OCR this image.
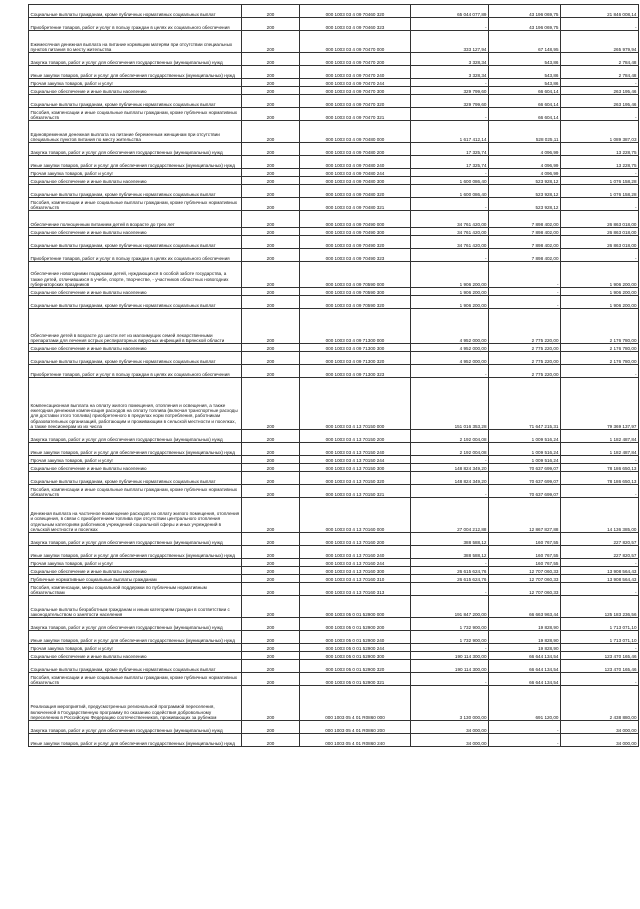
Социальные выплаты гражданам, кроме публичных нормативных социальных выплат	200	000 1003 03 4 09 70460 320	65 044 077,89	43 196 069,75	21 846 008,14
Приобретение товаров, работ и услуг в пользу граждан в целях их социального обеспечения	200	000 1003 03 4 09 70460 323	-	43 196 069,75	-
Ежемесячная денежная выплата на питание кормящим матерям при отсутствии специальных пунктов питания по месту жительства	200	000 1003 03 4 09 70470 000	333 127,94	67 148,95	265 979,94
Закупка товаров, работ и услуг для обеспечения государственных (муниципальных) нужд	200	000 1003 03 4 09 70470 200	3 328,34	543,86	2 784,48
Иные закупки товаров, работ и услуг для обеспечения государственных (муниципальных) нужд	200	000 1003 03 4 09 70470 240	3 328,34	543,86	2 784,48
Прочая закупка товаров, работ и услуг	200	000 1003 03 4 09 70470 244	-	543,86	-
Социальное обеспечение и иные выплаты населению	200	000 1003 03 4 09 70470 300	329 799,60	66 604,14	263 195,46
Социальные выплаты гражданам, кроме публичных нормативных социальных выплат	200	000 1003 03 4 09 70470 320	329 799,60	66 604,14	263 195,46
Пособия, компенсации и иные социальные выплаты гражданам, кроме публичных нормативных обязательств	200	000 1003 03 4 09 70470 321	-	66 604,14	-
Единовременная денежная выплата на питание беременным женщинам при отсутствии специальных пунктов питания по месту жительства	200	000 1003 03 4 09 70480 000	1 617 412,14	528 025,11	1 089 387,03
Закупка товаров, работ и услуг для обеспечения государственных (муниципальных) нужд	200	000 1003 03 4 09 70480 200	17 325,74	4 096,99	13 228,75
Иные закупки товаров, работ и услуг для обеспечения государственных (муниципальных) нужд	200	000 1003 03 4 09 70480 240	17 325,74	4 096,99	13 228,75
Прочая закупка товаров, работ и услуг	200	000 1003 03 4 09 70480 244	-	4 096,99	-
Социальное обеспечение и иные выплаты населению	200	000 1003 03 4 09 70480 300	1 600 086,40	523 928,12	1 076 158,28
Социальные выплаты гражданам, кроме публичных нормативных социальных выплат	200	000 1003 03 4 09 70480 320	1 600 086,40	523 928,12	1 076 158,28
Пособия, компенсации и иные социальные выплаты гражданам, кроме публичных нормативных обязательств	200	000 1003 03 4 09 70480 321	-	523 928,12	-
Обеспечение полноценным питанием детей в возрасте до трех лет	200	000 1003 03 4 09 70490 000	34 761 420,00	7 898 402,00	26 863 018,00
Социальное обеспечение и иные выплаты населению	200	000 1003 03 4 09 70490 300	34 761 420,00	7 898 402,00	26 863 018,00
Социальные выплаты гражданам, кроме публичных нормативных социальных выплат	200	000 1003 03 4 09 70490 320	34 761 420,00	7 898 402,00	26 863 018,00
Приобретение товаров, работ и услуг в пользу граждан в целях их социального обеспечения	200	000 1003 03 4 09 70490 323	-	7 898 402,00	-
Обеспечение новогодними подарками детей, нуждающихся в особой заботе государства, а также детей, отличившихся в учебе, спорте, творчестве, - участников областных новогодних губернаторских праздников	200	000 1003 03 4 09 70590 000	1 906 200,00	-	1 906 200,00
Социальное обеспечение и иные выплаты населению	200	000 1003 03 4 09 70590 300	1 906 200,00	-	1 906 200,00
Социальные выплаты гражданам, кроме публичных нормативных социальных выплат	200	000 1003 03 4 09 70590 320	1 906 200,00	-	1 906 200,00
Обеспечение детей в возрасте до шести лет из малоимущих семей лекарственными препаратами для лечения острых респираторных вирусных инфекций в Брянской области	200	000 1003 03 4 09 71300 000	4 952 000,00	2 775 220,00	2 176 780,00
Социальное обеспечение и иные выплаты населению	200	000 1003 03 4 09 71300 300	4 952 000,00	2 775 220,00	2 176 780,00
Социальные выплаты гражданам, кроме публичных нормативных социальных выплат	200	000 1003 03 4 09 71300 320	4 952 000,00	2 775 220,00	2 176 780,00
Приобретение товаров, работ и услуг в пользу граждан в целях их социального обеспечения	200	000 1003 03 4 09 71300 323	-	2 775 220,00	-
Компенсационная выплата на оплату жилого помещения, отопления и освещения, а также ежегодная денежная компенсация расходов на оплату топлива (включая транспортные расходы для доставки этого топлива) приобретенного в пределах норм потребления, работникам образовательных организаций, работающим и проживающим в сельской местности и поселках, а также пенсионерам из их числа	200	000 1003 03 4 13 70150 000	151 016 353,28	71 647 215,31	79 369 137,97
Закупка товаров, работ и услуг для обеспечения государственных (муниципальных) нужд	200	000 1003 03 4 13 70150 200	2 192 004,08	1 009 516,24	1 182 487,84
Иные закупки товаров, работ и услуг для обеспечения государственных (муниципальных) нужд	200	000 1003 03 4 13 70150 240	2 192 004,08	1 009 516,24	1 182 487,84
Прочая закупка товаров, работ и услуг	200	000 1003 03 4 13 70150 244	-	1 009 516,24	-
Социальное обеспечение и иные выплаты населению	200	000 1003 03 4 13 70150 300	148 824 349,20	70 637 699,07	78 186 650,13
Социальные выплаты гражданам, кроме публичных нормативных социальных выплат	200	000 1003 03 4 13 70150 320	148 824 349,20	70 637 699,07	78 186 650,13
Пособия, компенсации и иные социальные выплаты гражданам, кроме публичных нормативных обязательств	200	000 1003 03 4 13 70150 321	-	70 637 699,07	-
Денежная выплата на частичное возмещение расходов на оплату жилого помещения, отопления и освещения, в связи с приобретением топлива при отсутствии центрального отопления отдельным категориям работников учреждений социальной сферы и иных учреждений в сельской местности и поселках	200	000 1003 03 4 13 70160 000	27 004 212,88	12 867 827,88	14 136 385,00
Закупка товаров, работ и услуг для обеспечения государственных (муниципальных) нужд	200	000 1003 03 4 13 70160 200	388 588,12	160 767,55	227 820,57
Иные закупки товаров, работ и услуг для обеспечения государственных (муниципальных) нужд	200	000 1003 03 4 13 70160 240	388 588,12	160 767,55	227 820,57
Прочая закупка товаров, работ и услуг	200	000 1003 03 4 13 70160 244	-	160 767,55	-
Социальное обеспечение и иные выплаты населению	200	000 1003 03 4 13 70160 300	26 615 624,76	12 707 060,33	13 908 564,43
Публичные нормативные социальные выплаты гражданам	200	000 1003 03 4 13 70160 310	26 615 624,76	12 707 060,33	13 908 564,43
Пособия, компенсации, меры социальной поддержки по публичным нормативным обязательствам	200	000 1003 03 4 13 70160 313	-	12 707 060,33	-
Социальные выплаты безработным гражданам и иным категориям граждан в соответствии с законодательством о занятости населения	200	000 1003 05 0 01 52900 000	191 847 200,00	66 663 963,44	125 183 236,56
Закупка товаров, работ и услуг для обеспечения государственных (муниципальных) нужд	200	000 1003 05 0 01 52900 200	1 732 900,00	19 828,90	1 713 071,10
Иные закупки товаров, работ и услуг для обеспечения государственных (муниципальных) нужд	200	000 1003 05 0 01 52900 240	1 732 900,00	19 828,90	1 713 071,10
Прочая закупка товаров, работ и услуг	200	000 1003 05 0 01 52900 244	-	19 828,90	-
Социальное обеспечение и иные выплаты населению	200	000 1003 05 0 01 52900 300	190 114 300,00	66 644 134,54	123 470 165,46
Социальные выплаты гражданам, кроме публичных нормативных социальных выплат	200	000 1003 05 0 01 52900 320	190 114 300,00	66 644 134,54	123 470 165,46
Пособия, компенсации и иные социальные выплаты гражданам, кроме публичных нормативных обязательств	200	000 1003 05 0 01 52900 321	-	66 644 134,54	-
Реализация мероприятий, предусмотренных региональной программой переселения, включенной в Государственную программу по оказанию содействия добровольному переселению в Российскую Федерацию соотечественников, проживающих за рубежом	200	000 1003 05 4 01 R0860 000	3 130 000,00	691 120,00	2 438 880,00
Закупка товаров, работ и услуг для обеспечения государственных (муниципальных) нужд	200	000 1003 05 4 01 R0860 200	34 000,00	-	34 000,00
Иные закупки товаров, работ и услуг для обеспечения государственных (муниципальных) нужд	200	000 1003 05 4 01 R0860 240	34 000,00	-	34 000,00
